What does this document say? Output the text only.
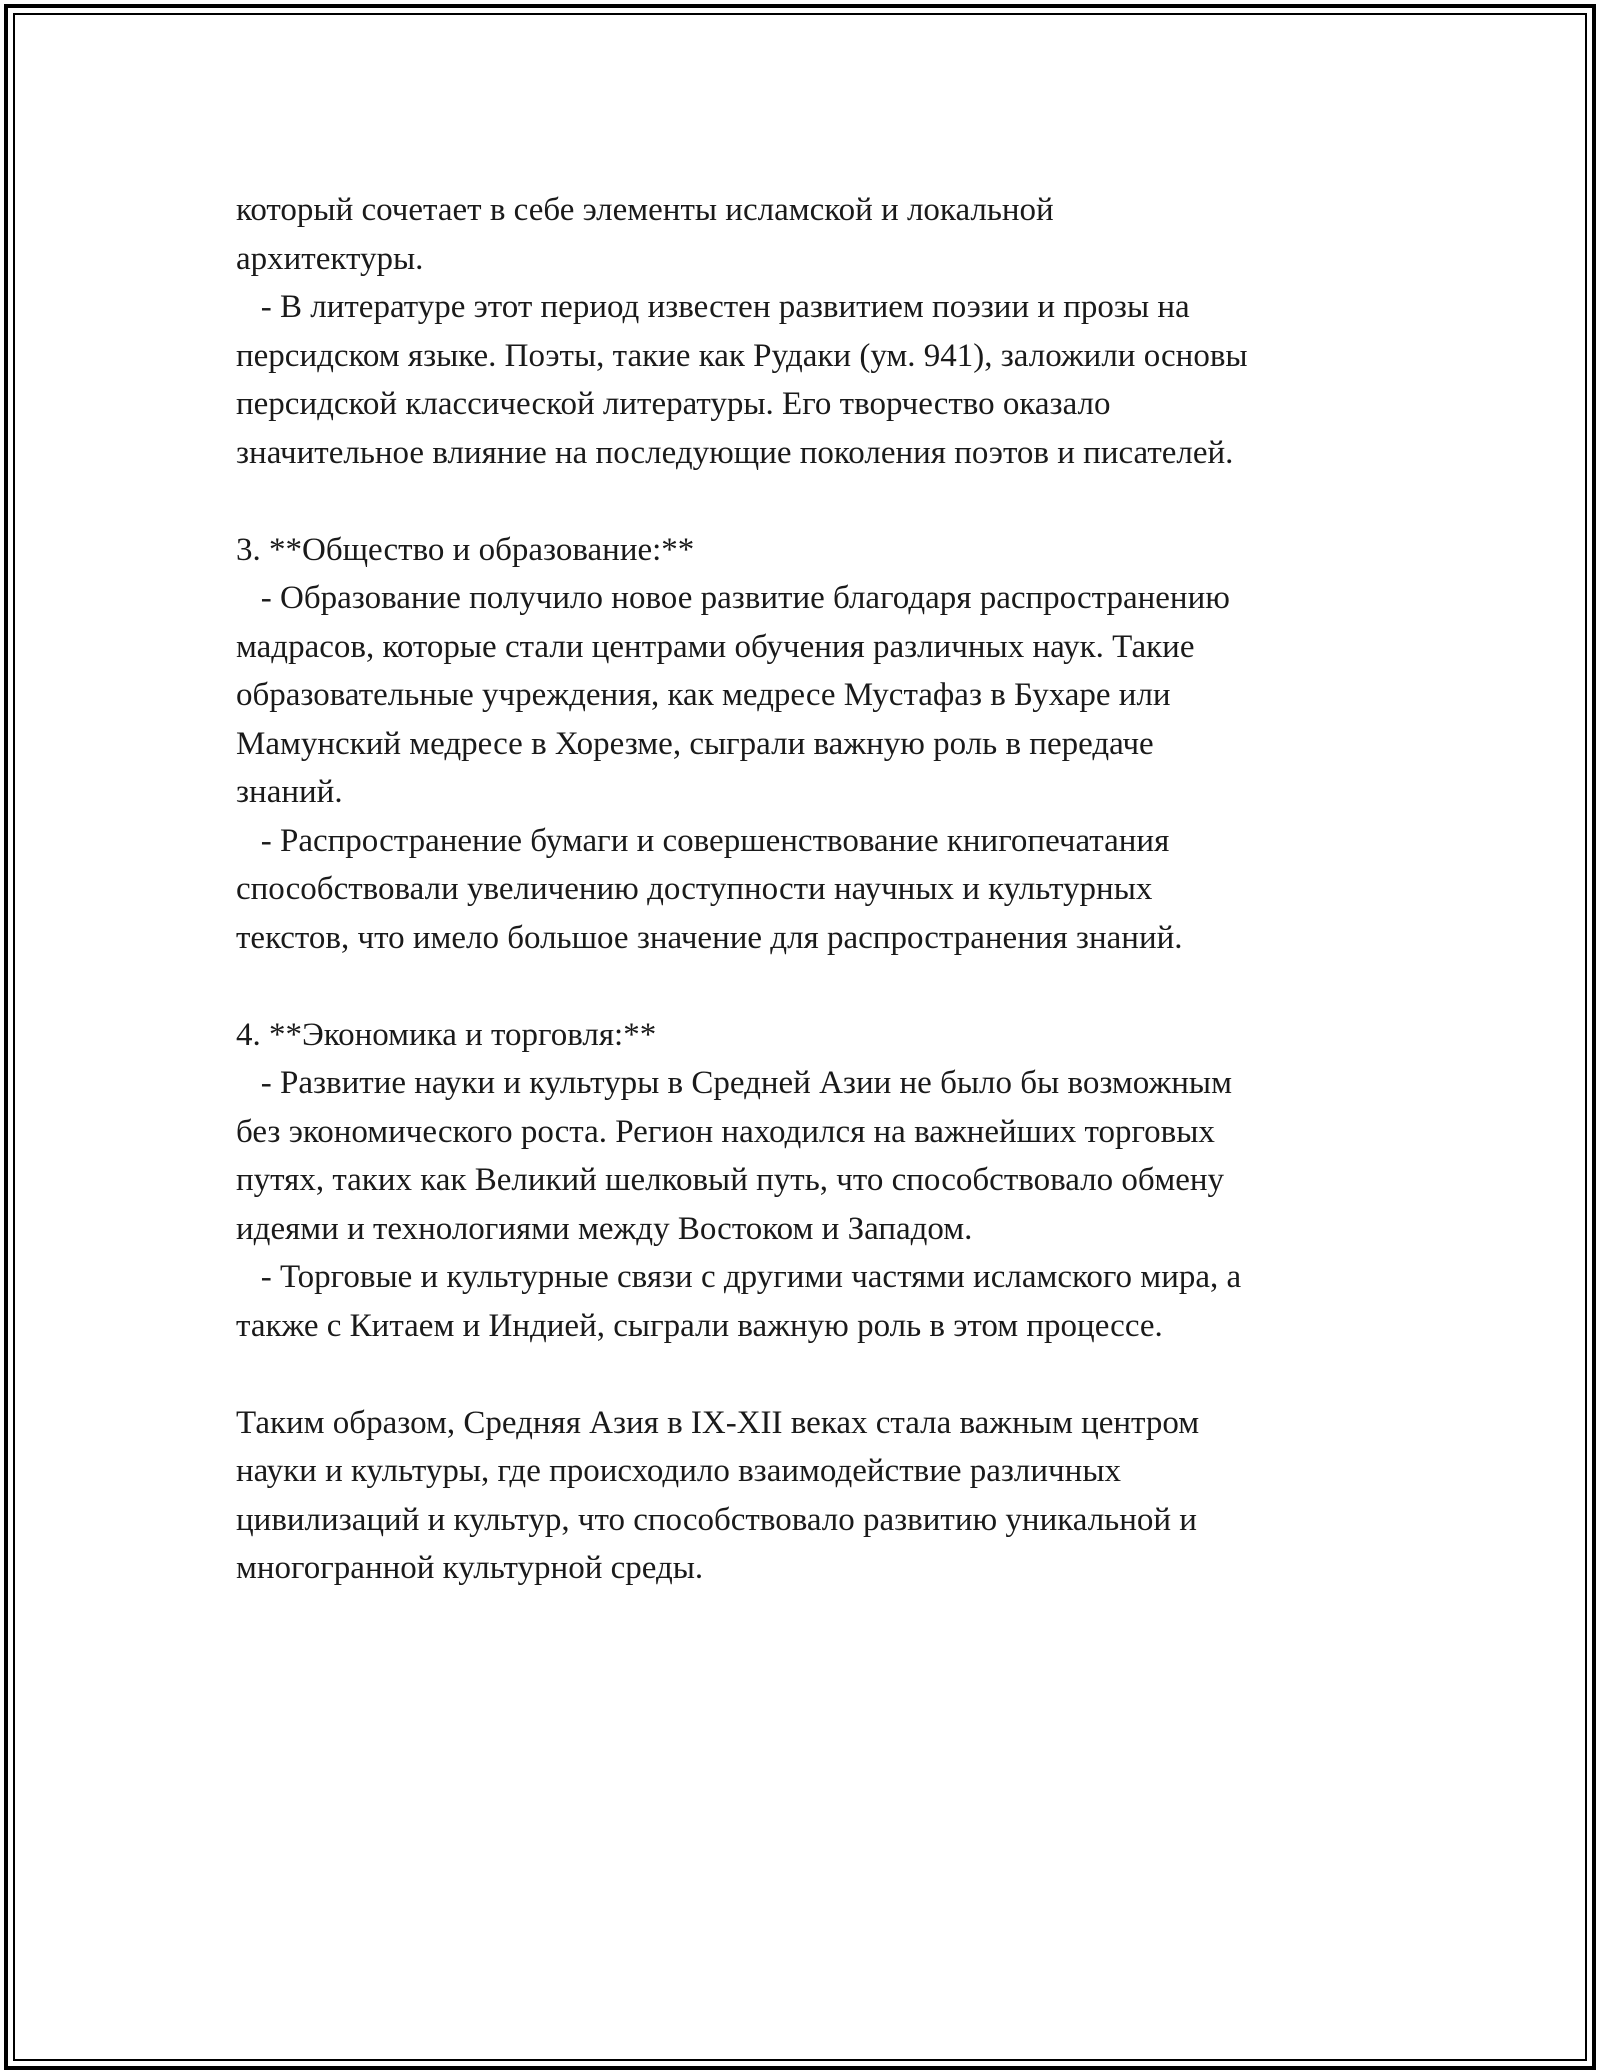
который сочетает в себе элементы исламской и локальной

архитектуры.

- В литературе этот период известен развитием поэзии и прозы на

персидском языке. Поэты, такие как Рудаки (ум. 941), заложили основы

персидской классической литературы. Его творчество оказало

значительное влияние на последующие поколения поэтов и писателей.

3. **Общество и образование:**

- Образование получило новое развитие благодаря распространению

мадрасов, которые стали центрами обучения различных наук. Такие

образовательные учреждения, как медресе Мустафаз в Бухаре или

Мамунский медресе в Хорезме, сыграли важную роль в передаче

знаний.

- Распространение бумаги и совершенствование книгопечатания

способствовали увеличению доступности научных и культурных

текстов, что имело большое значение для распространения знаний.

4. **Экономика и торговля:**

- Развитие науки и культуры в Средней Азии не было бы возможным

без экономического роста. Регион находился на важнейших торговых

путях, таких как Великий шелковый путь, что способствовало обмену

идеями и технологиями между Востоком и Западом.

- Торговые и культурные связи с другими частями исламского мира, а

также с Китаем и Индией, сыграли важную роль в этом процессе.

Таким образом, Средняя Азия в IX-XII веках стала важным центром

науки и культуры, где происходило взаимодействие различных

цивилизаций и культур, что способствовало развитию уникальной и

многогранной культурной среды.
